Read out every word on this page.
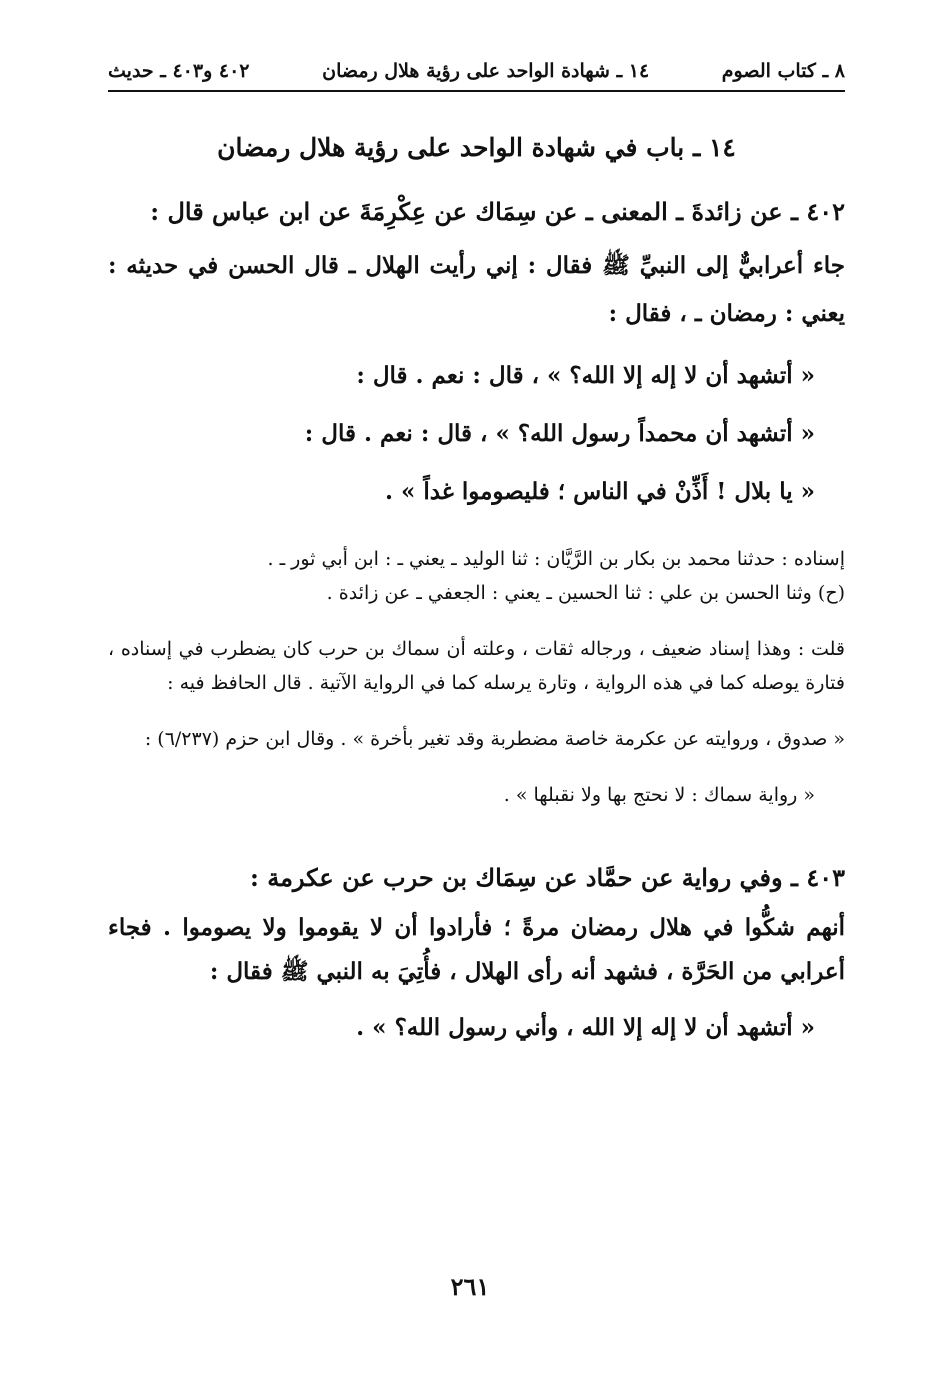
٨ ـ كتاب الصوم
١٤ ـ شهادة الواحد على رؤية هلال رمضان
٤٠٢ و٤٠٣ ـ حديث
١٤ ـ باب في شهادة الواحد على رؤية هلال رمضان
٤٠٢ ـ عن زائدةَ ـ المعنى ـ عن سِمَاك عن عِكْرِمَةَ عن ابن عباس قال :
جاء أعرابيٌّ إلى النبيِّ ﷺ فقال : إني رأيت الهلال ـ قال الحسن في حديثه : يعني : رمضان ـ ، فقال :
« أتشهد أن لا إله إلا الله؟ » ، قال : نعم . قال :
« أتشهد أن محمداً رسول الله؟ » ، قال : نعم . قال :
« يا بلال ! أَذِّنْ في الناس ؛ فليصوموا غداً » .
إسناده : حدثنا محمد بن بكار بن الرَّيَّان : ثنا الوليد ـ يعني ـ : ابن أبي ثور ـ .
(ح) وثنا الحسن بن علي : ثنا الحسين ـ يعني : الجعفي ـ عن زائدة .
قلت : وهذا إسناد ضعيف ، ورجاله ثقات ، وعلته أن سماك بن حرب كان يضطرب في إسناده ، فتارة يوصله كما في هذه الرواية ، وتارة يرسله كما في الرواية الآتية . قال الحافظ فيه :
« صدوق ، وروايته عن عكرمة خاصة مضطربة وقد تغير بأخرة » . وقال ابن حزم (٦/٢٣٧) :
« رواية سماك : لا نحتج بها ولا نقبلها » .
٤٠٣ ـ وفي رواية عن حمَّاد عن سِمَاك بن حرب عن عكرمة :
أنهم شكُّوا في هلال رمضان مرةً ؛ فأرادوا أن لا يقوموا ولا يصوموا . فجاء أعرابي من الحَرَّة ، فشهد أنه رأى الهلال ، فأُتِيَ به النبي ﷺ فقال :
« أتشهد أن لا إله إلا الله ، وأني رسول الله؟ » .
٢٦١
